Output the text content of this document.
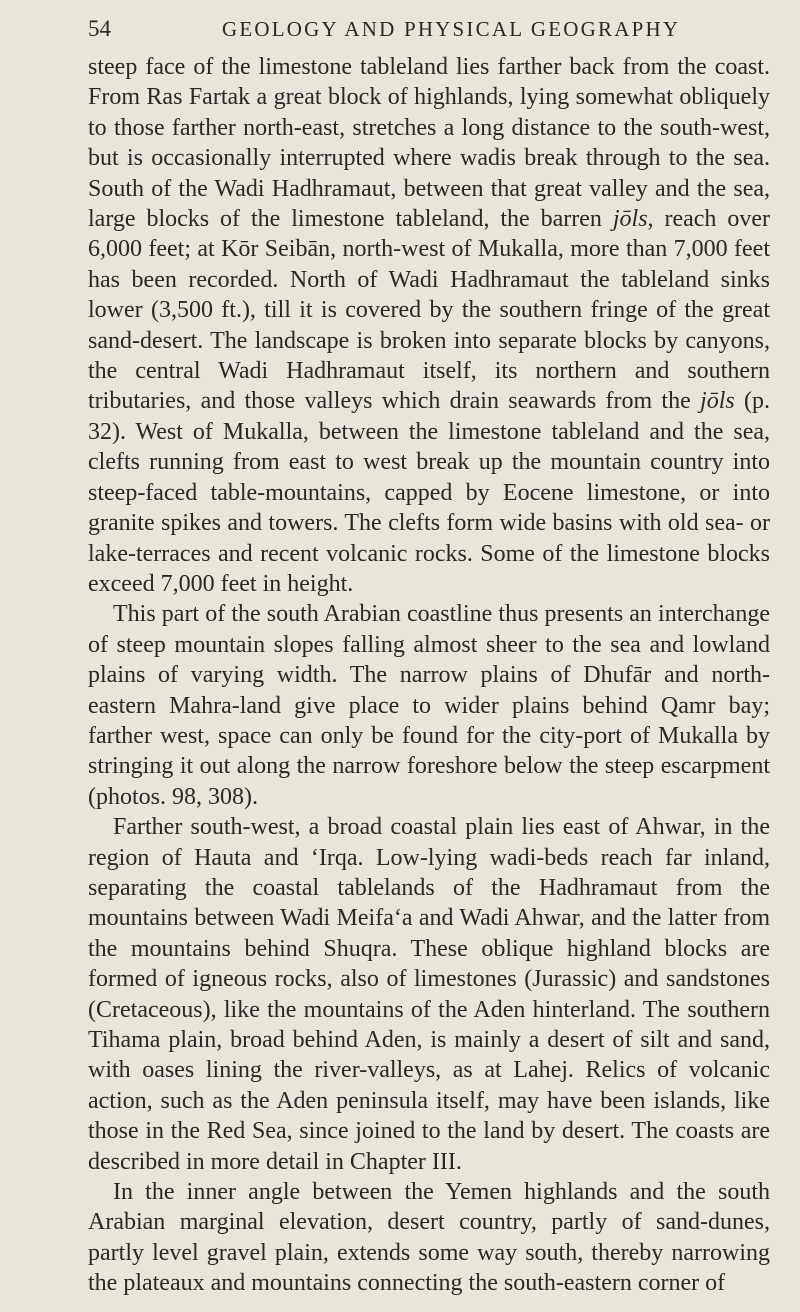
54	GEOLOGY AND PHYSICAL GEOGRAPHY

steep face of the limestone tableland lies farther back from the coast. From Ras Fartak a great block of highlands, lying somewhat obliquely to those farther north-east, stretches a long distance to the south-west, but is occasionally interrupted where wadis break through to the sea. South of the Wadi Hadhramaut, between that great valley and the sea, large blocks of the limestone tableland, the barren jōls, reach over 6,000 feet; at Kōr Seibān, north-west of Mukalla, more than 7,000 feet has been recorded. North of Wadi Hadhramaut the tableland sinks lower (3,500 ft.), till it is covered by the southern fringe of the great sand-desert. The landscape is broken into separate blocks by canyons, the central Wadi Hadhramaut itself, its northern and southern tributaries, and those valleys which drain seawards from the jōls (p. 32). West of Mukalla, between the limestone tableland and the sea, clefts running from east to west break up the mountain country into steep-faced table-mountains, capped by Eocene limestone, or into granite spikes and towers. The clefts form wide basins with old sea- or lake-terraces and recent volcanic rocks. Some of the limestone blocks exceed 7,000 feet in height.

This part of the south Arabian coastline thus presents an interchange of steep mountain slopes falling almost sheer to the sea and lowland plains of varying width. The narrow plains of Dhufār and north-eastern Mahra-land give place to wider plains behind Qamr bay; farther west, space can only be found for the city-port of Mukalla by stringing it out along the narrow foreshore below the steep escarpment (photos. 98, 308).

Farther south-west, a broad coastal plain lies east of Ahwar, in the region of Hauta and ‘Irqa. Low-lying wadi-beds reach far inland, separating the coastal tablelands of the Hadhramaut from the mountains between Wadi Meifa‘a and Wadi Ahwar, and the latter from the mountains behind Shuqra. These oblique highland blocks are formed of igneous rocks, also of limestones (Jurassic) and sandstones (Cretaceous), like the mountains of the Aden hinterland. The southern Tihama plain, broad behind Aden, is mainly a desert of silt and sand, with oases lining the river-valleys, as at Lahej. Relics of volcanic action, such as the Aden peninsula itself, may have been islands, like those in the Red Sea, since joined to the land by desert. The coasts are described in more detail in Chapter III.

In the inner angle between the Yemen highlands and the south Arabian marginal elevation, desert country, partly of sand-dunes, partly level gravel plain, extends some way south, thereby narrowing the plateaux and mountains connecting the south-eastern corner of
